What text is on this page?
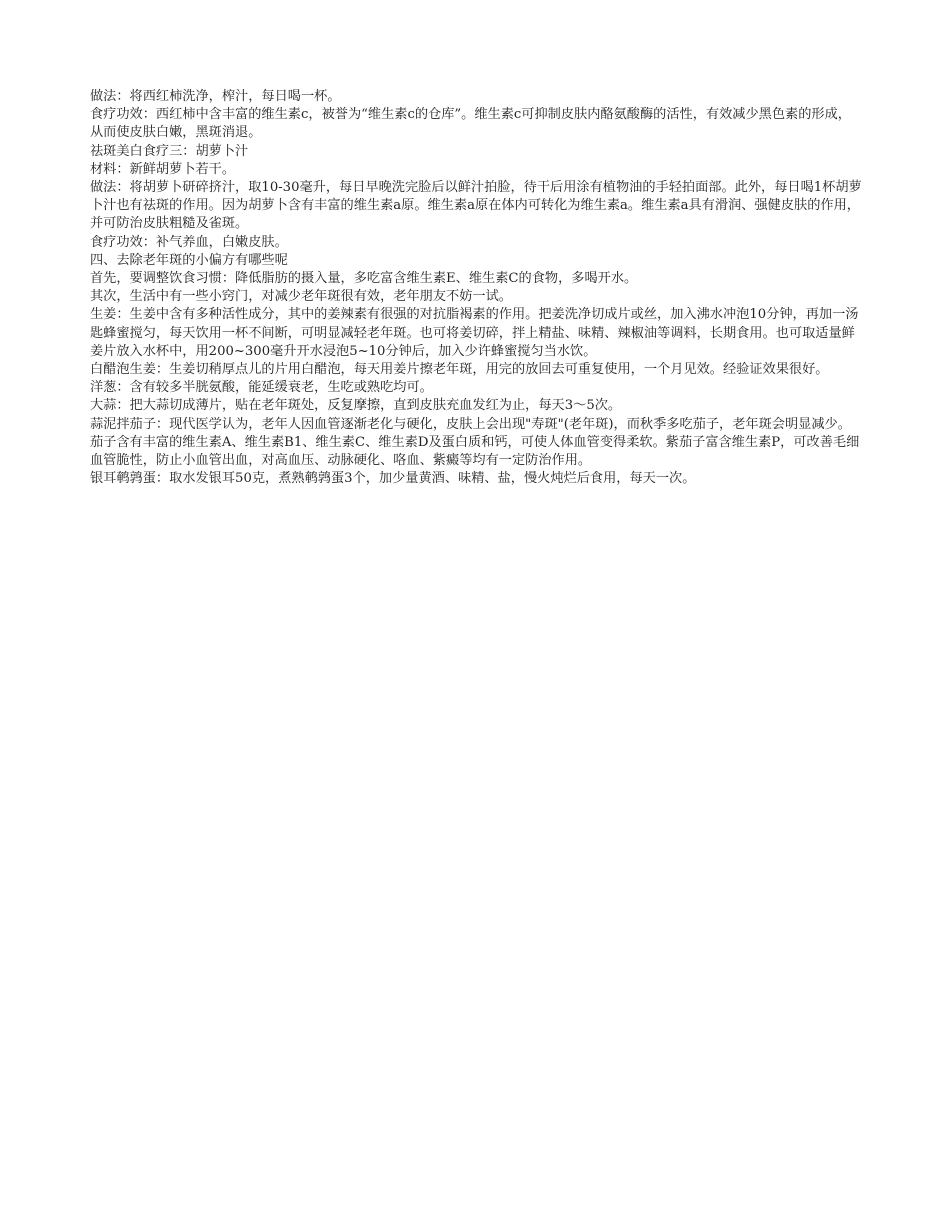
做法：将西红柿洗净，榨汁，每日喝一杯。

食疗功效：西红柿中含丰富的维生素c，被誉为“维生素c的仓库”。维生素c可抑制皮肤内酪氨酸酶的活性，有效减少黑色素的形成，从而使皮肤白嫩，黑斑消退。

祛斑美白食疗三：胡萝卜汁

材料：新鲜胡萝卜若干。

做法：将胡萝卜研碎挤汁，取10-30毫升，每日早晚洗完脸后以鲜汁拍脸，待干后用涂有植物油的手轻拍面部。此外，每日喝1杯胡萝卜汁也有祛斑的作用。因为胡萝卜含有丰富的维生素a原。维生素a原在体内可转化为维生素a。维生素a具有滑润、强健皮肤的作用，并可防治皮肤粗糙及雀斑。

食疗功效：补气养血，白嫩皮肤。

四、去除老年斑的小偏方有哪些呢

首先，要调整饮食习惯：降低脂肪的摄入量，多吃富含维生素E、维生素C的食物，多喝开水。

其次，生活中有一些小窍门，对减少老年斑很有效，老年朋友不妨一试。

生姜：生姜中含有多种活性成分，其中的姜辣素有很强的对抗脂褐素的作用。把姜洗净切成片或丝，加入沸水冲泡10分钟，再加一汤匙蜂蜜搅匀，每天饮用一杯不间断，可明显减轻老年斑。也可将姜切碎，拌上精盐、味精、辣椒油等调料，长期食用。也可取适量鲜姜片放入水杯中，用200~300毫升开水浸泡5~10分钟后，加入少许蜂蜜搅匀当水饮。

白醋泡生姜：生姜切稍厚点儿的片用白醋泡，每天用姜片擦老年斑，用完的放回去可重复使用，一个月见效。经验证效果很好。

洋葱：含有较多半胱氨酸，能延缓衰老，生吃或熟吃均可。

大蒜：把大蒜切成薄片，贴在老年斑处，反复摩擦，直到皮肤充血发红为止，每天3～5次。

蒜泥拌茄子：现代医学认为，老年人因血管逐渐老化与硬化，皮肤上会出现"寿斑"(老年斑)，而秋季多吃茄子，老年斑会明显减少。茄子含有丰富的维生素A、维生素B1、维生素C、维生素D及蛋白质和钙，可使人体血管变得柔软。紫茄子富含维生素P，可改善毛细血管脆性，防止小血管出血，对高血压、动脉硬化、咯血、紫癜等均有一定防治作用。

银耳鹌鹑蛋：取水发银耳50克，煮熟鹌鹑蛋3个，加少量黄酒、味精、盐，慢火炖烂后食用，每天一次。
